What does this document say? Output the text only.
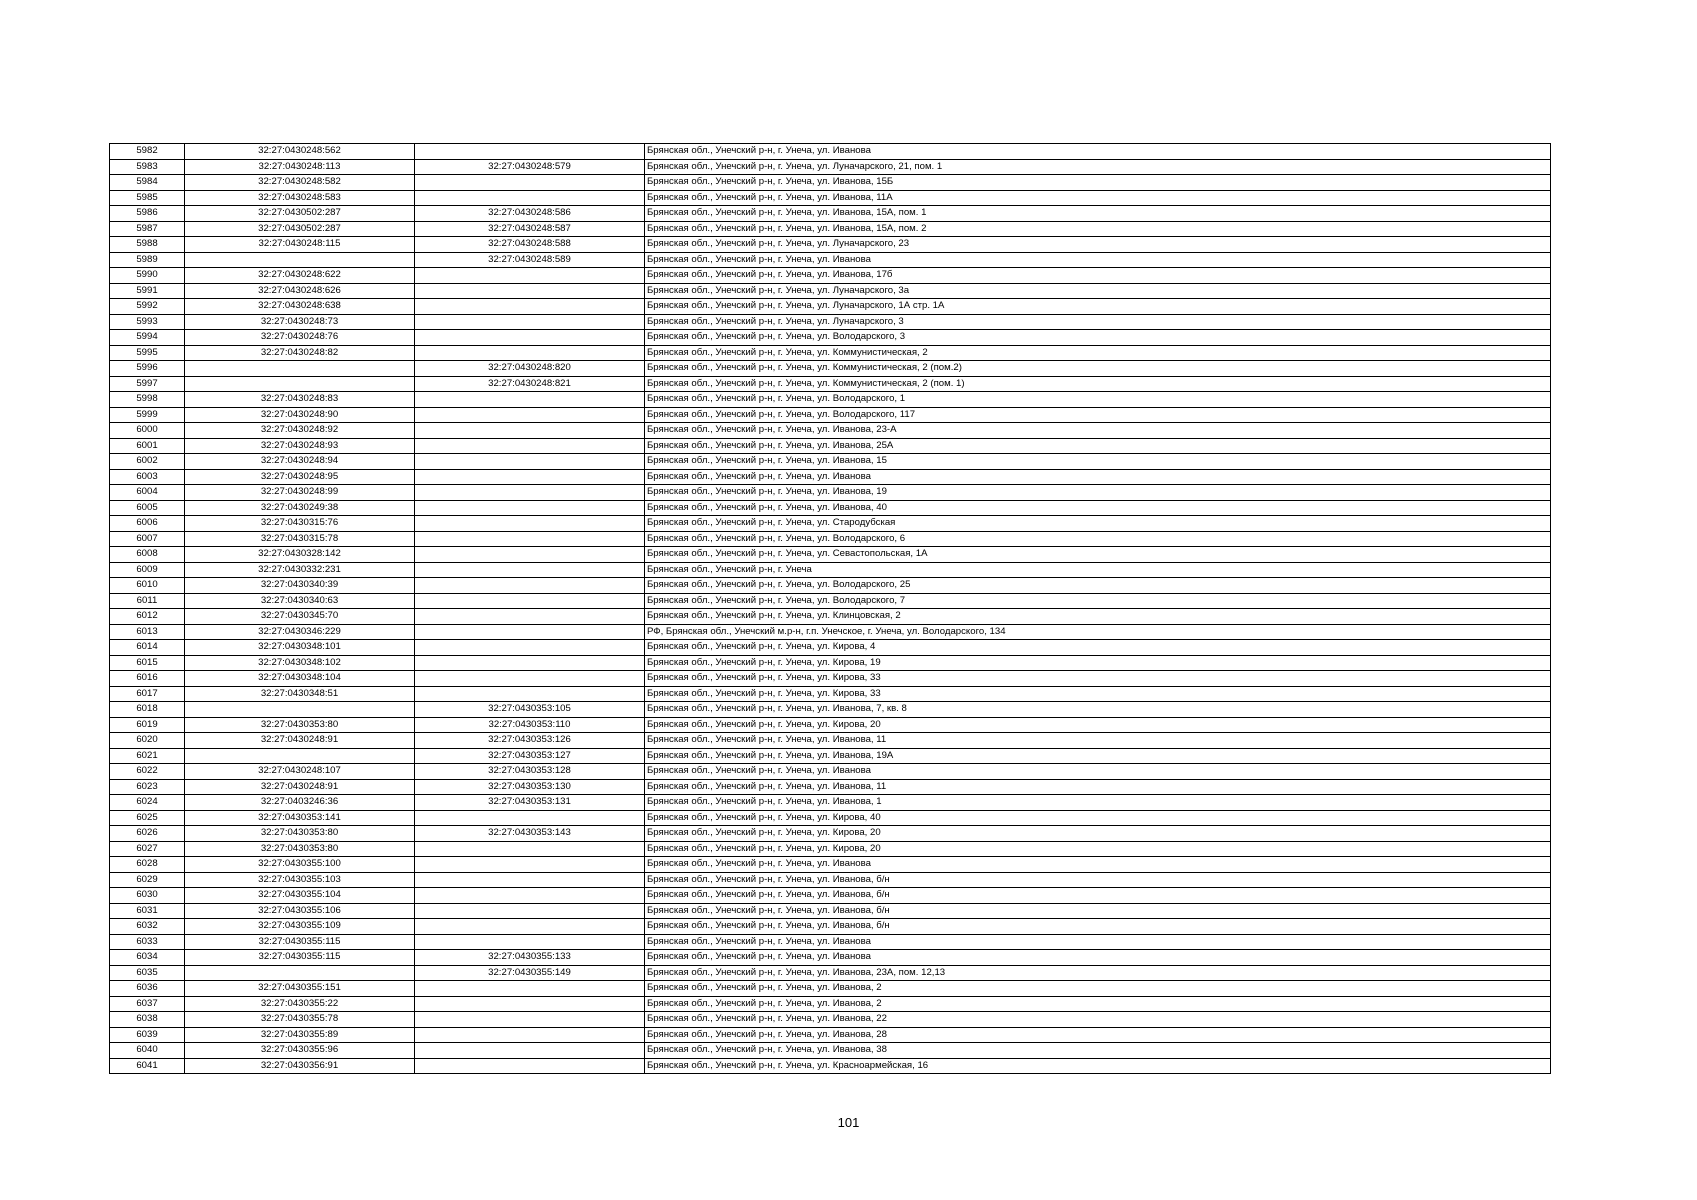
5982	32:27:0430248:562		Брянская обл., Унечский р-н, г. Унеча, ул. Иванова
5983	32:27:0430248:113	32:27:0430248:579	Брянская обл., Унечский р-н, г. Унеча, ул. Луначарского, 21, пом. 1
5984	32:27:0430248:582		Брянская обл., Унечский р-н, г. Унеча, ул. Иванова, 15Б
5985	32:27:0430248:583		Брянская обл., Унечский р-н, г. Унеча, ул. Иванова, 11А
5986	32:27:0430502:287	32:27:0430248:586	Брянская обл., Унечский р-н, г. Унеча, ул. Иванова, 15А, пом. 1
5987	32:27:0430502:287	32:27:0430248:587	Брянская обл., Унечский р-н, г. Унеча, ул. Иванова, 15А, пом. 2
5988	32:27:0430248:115	32:27:0430248:588	Брянская обл., Унечский р-н, г. Унеча, ул. Луначарского, 23
5989		32:27:0430248:589	Брянская обл., Унечский р-н, г. Унеча, ул. Иванова
5990	32:27:0430248:622		Брянская обл., Унечский р-н, г. Унеча, ул. Иванова, 17б
5991	32:27:0430248:626		Брянская обл., Унечский р-н, г. Унеча, ул. Луначарского, 3а
5992	32:27:0430248:638		Брянская обл., Унечский р-н, г. Унеча, ул. Луначарского, 1А стр. 1А
5993	32:27:0430248:73		Брянская обл., Унечский р-н, г. Унеча, ул. Луначарского, 3
5994	32:27:0430248:76		Брянская обл., Унечский р-н, г. Унеча, ул. Володарского, 3
5995	32:27:0430248:82		Брянская обл., Унечский р-н, г. Унеча, ул. Коммунистическая, 2
5996		32:27:0430248:820	Брянская обл., Унечский р-н, г. Унеча, ул. Коммунистическая, 2 (пом.2)
5997		32:27:0430248:821	Брянская обл., Унечский р-н, г. Унеча, ул. Коммунистическая, 2 (пом. 1)
5998	32:27:0430248:83		Брянская обл., Унечский р-н, г. Унеча, ул. Володарского, 1
5999	32:27:0430248:90		Брянская обл., Унечский р-н, г. Унеча, ул. Володарского, 117
6000	32:27:0430248:92		Брянская обл., Унечский р-н, г. Унеча, ул. Иванова, 23-А
6001	32:27:0430248:93		Брянская обл., Унечский р-н, г. Унеча, ул. Иванова, 25А
6002	32:27:0430248:94		Брянская обл., Унечский р-н, г. Унеча, ул. Иванова, 15
6003	32:27:0430248:95		Брянская обл., Унечский р-н, г. Унеча, ул. Иванова
6004	32:27:0430248:99		Брянская обл., Унечский р-н, г. Унеча, ул. Иванова, 19
6005	32:27:0430249:38		Брянская обл., Унечский р-н, г. Унеча, ул. Иванова, 40
6006	32:27:0430315:76		Брянская обл., Унечский р-н, г. Унеча, ул. Стародубская
6007	32:27:0430315:78		Брянская обл., Унечский р-н, г. Унеча, ул. Володарского, 6
6008	32:27:0430328:142		Брянская обл., Унечский р-н, г. Унеча, ул. Севастопольская, 1А
6009	32:27:0430332:231		Брянская обл., Унечский р-н, г. Унеча
6010	32:27:0430340:39		Брянская обл., Унечский р-н, г. Унеча, ул. Володарского, 25
6011	32:27:0430340:63		Брянская обл., Унечский р-н, г. Унеча, ул. Володарского, 7
6012	32:27:0430345:70		Брянская обл., Унечский р-н, г. Унеча, ул. Клинцовская, 2
6013	32:27:0430346:229		РФ, Брянская обл., Унечский м.р-н, г.п. Унечское, г. Унеча, ул. Володарского, 134
6014	32:27:0430348:101		Брянская обл., Унечский р-н, г. Унеча, ул. Кирова, 4
6015	32:27:0430348:102		Брянская обл., Унечский р-н, г. Унеча, ул. Кирова, 19
6016	32:27:0430348:104		Брянская обл., Унечский р-н, г. Унеча, ул. Кирова, 33
6017	32:27:0430348:51		Брянская обл., Унечский р-н, г. Унеча, ул. Кирова, 33
6018		32:27:0430353:105	Брянская обл., Унечский р-н, г. Унеча, ул. Иванова, 7, кв. 8
6019	32:27:0430353:80	32:27:0430353:110	Брянская обл., Унечский р-н, г. Унеча, ул. Кирова, 20
6020	32:27:0430248:91	32:27:0430353:126	Брянская обл., Унечский р-н, г. Унеча, ул. Иванова, 11
6021		32:27:0430353:127	Брянская обл., Унечский р-н, г. Унеча, ул. Иванова, 19А
6022	32:27:0430248:107	32:27:0430353:128	Брянская обл., Унечский р-н, г. Унеча, ул. Иванова
6023	32:27:0430248:91	32:27:0430353:130	Брянская обл., Унечский р-н, г. Унеча, ул. Иванова, 11
6024	32:27:0403246:36	32:27:0430353:131	Брянская обл., Унечский р-н, г. Унеча, ул. Иванова, 1
6025	32:27:0430353:141		Брянская обл., Унечский р-н, г. Унеча, ул. Кирова, 40
6026	32:27:0430353:80	32:27:0430353:143	Брянская обл., Унечский р-н, г. Унеча, ул. Кирова, 20
6027	32:27:0430353:80		Брянская обл., Унечский р-н, г. Унеча, ул. Кирова, 20
6028	32:27:0430355:100		Брянская обл., Унечский р-н, г. Унеча, ул. Иванова
6029	32:27:0430355:103		Брянская обл., Унечский р-н, г. Унеча, ул. Иванова, б/н
6030	32:27:0430355:104		Брянская обл., Унечский р-н, г. Унеча, ул. Иванова, б/н
6031	32:27:0430355:106		Брянская обл., Унечский р-н, г. Унеча, ул. Иванова, б/н
6032	32:27:0430355:109		Брянская обл., Унечский р-н, г. Унеча, ул. Иванова, б/н
6033	32:27:0430355:115		Брянская обл., Унечский р-н, г. Унеча, ул. Иванова
6034	32:27:0430355:115	32:27:0430355:133	Брянская обл., Унечский р-н, г. Унеча, ул. Иванова
6035		32:27:0430355:149	Брянская обл., Унечский р-н, г. Унеча, ул. Иванова, 23А, пом. 12,13
6036	32:27:0430355:151		Брянская обл., Унечский р-н, г. Унеча, ул. Иванова, 2
6037	32:27:0430355:22		Брянская обл., Унечский р-н, г. Унеча, ул. Иванова, 2
6038	32:27:0430355:78		Брянская обл., Унечский р-н, г. Унеча, ул. Иванова, 22
6039	32:27:0430355:89		Брянская обл., Унечский р-н, г. Унеча, ул. Иванова, 28
6040	32:27:0430355:96		Брянская обл., Унечский р-н, г. Унеча, ул. Иванова, 38
6041	32:27:0430356:91		Брянская обл., Унечский р-н, г. Унеча, ул. Красноармейская, 16
101
